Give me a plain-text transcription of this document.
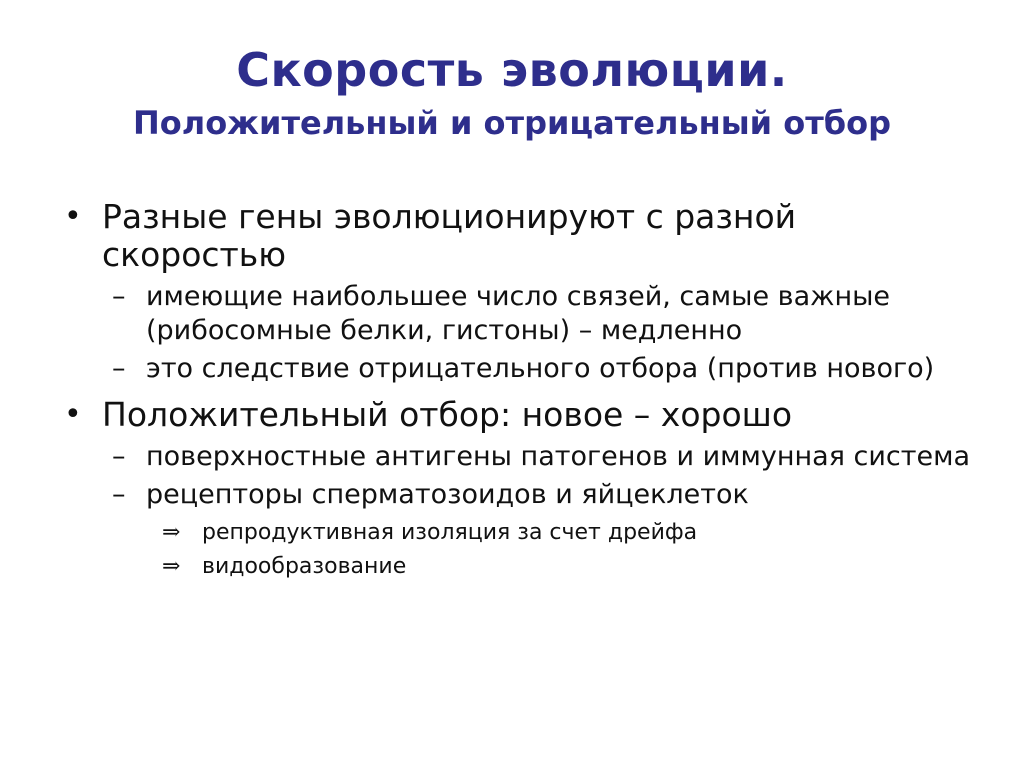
Скорость эволюции.
Положительный и отрицательный отбор
• Разные гены эволюционируют с разной скоростью
– имеющие наибольшее число связей, самые важные (рибосомные белки, гистоны) – медленно
– это следствие отрицательного отбора (против нового)
• Положительный отбор: новое – хорошо
– поверхностные антигены патогенов и иммунная система
– рецепторы сперматозоидов и яйцеклеток
⇒ репродуктивная изоляция за счет дрейфа
⇒ видообразование
